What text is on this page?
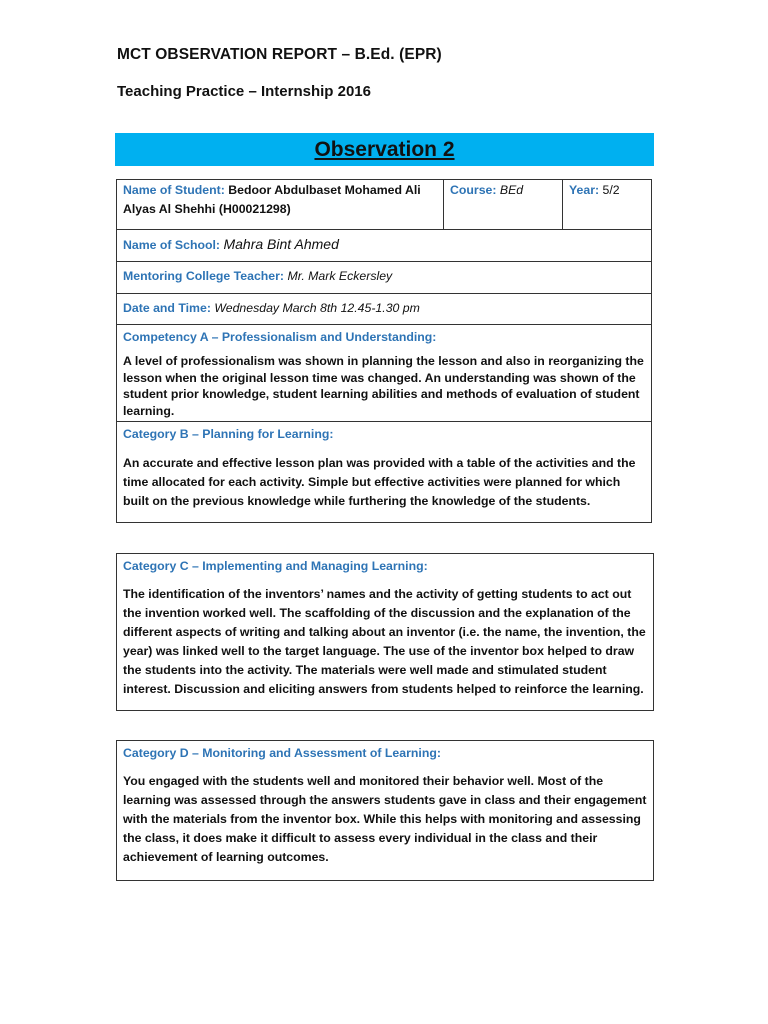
MCT OBSERVATION REPORT – B.Ed. (EPR)
Teaching Practice – Internship 2016
Observation 2
Name of Student: Bedoor Abdulbaset Mohamed Ali Alyas Al Shehhi (H00021298)

Course: BEd	Year: 5/2

Name of School: Mahra Bint Ahmed

Mentoring College Teacher: Mr. Mark Eckersley

Date and Time: Wednesday March 8th 12.45-1.30 pm

Competency A – Professionalism and Understanding:
A level of professionalism was shown in planning the lesson and also in reorganizing the lesson when the original lesson time was changed. An understanding was shown of the student prior knowledge, student learning abilities and methods of evaluation of student learning.

Category B – Planning for Learning:
An accurate and effective lesson plan was provided with a table of the activities and the time allocated for each activity. Simple but effective activities were planned for which built on the previous knowledge while furthering the knowledge of the students.
Category C – Implementing and Managing Learning:
The identification of the inventors’ names and the activity of getting students to act out the invention worked well. The scaffolding of the discussion and the explanation of the different aspects of writing and talking about an inventor (i.e. the name, the invention, the year) was linked well to the target language. The use of the inventor box helped to draw the students into the activity. The materials were well made and stimulated student interest. Discussion and eliciting answers from students helped to reinforce the learning.
Category D – Monitoring and Assessment of Learning:
You engaged with the students well and monitored their behavior well. Most of the learning was assessed through the answers students gave in class and their engagement with the materials from the inventor box. While this helps with monitoring and assessing the class, it does make it difficult to assess every individual in the class and their achievement of learning outcomes.
